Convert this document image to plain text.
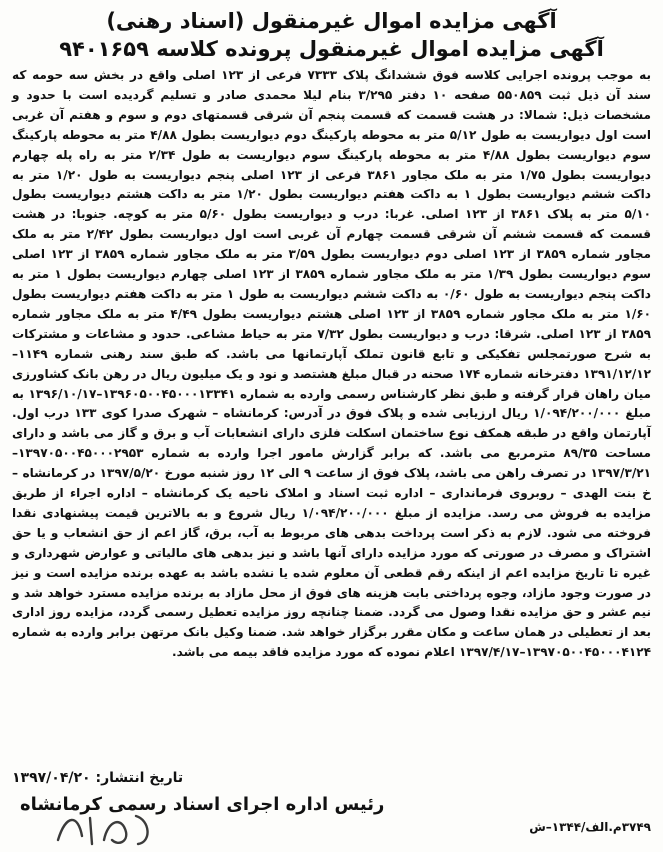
آگهی مزایده اموال غیرمنقول (اسناد رهنی)
آگهی مزایده اموال غیرمنقول پرونده کلاسه ۹۴۰۱۶۵۹
به موجب پرونده اجرایی کلاسه فوق ششدانگ پلاک ۷۳۳۳ فرعی از ۱۲۳ اصلی واقع در بخش سه حومه که سند آن ذیل ثبت ۵۵۰۸۵۹ صفحه ۱۰ دفتر ۳/۲۹۵ بنام لیلا محمدی صادر و تسلیم گردیده است با حدود و مشخصات ذیل: شمالا: در هشت قسمت که قسمت پنجم آن شرقی قسمتهای دوم و سوم و هفتم آن غربی است اول دیواریست به طول ۵/۱۲ متر به محوطه پارکینگ دوم دیواریست بطول ۴/۸۸ متر به محوطه پارکینگ سوم دیواریست بطول ۴/۸۸ متر به محوطه پارکینگ سوم دیواریست به طول ۲/۳۴ متر به راه پله چهارم دیواریست بطول ۱/۷۵ متر به ملک مجاور ۳۸۶۱ فرعی از ۱۲۳ اصلی پنجم دیواریست به طول ۱/۲۰ متر به داکت ششم دیواریست بطول ۱ به داکت هفتم دیواریست بطول ۱/۲۰ متر به داکت هشتم دیواریست بطول ۵/۱۰ متر به پلاک ۳۸۶۱ از ۱۲۳ اصلی. غربا: درب و دیواریست بطول ۵/۶۰ متر به کوچه. جنوبا: در هشت قسمت که قسمت ششم آن شرقی قسمت چهارم آن غربی است اول دیواریست بطول ۲/۴۲ متر به ملک مجاور شماره ۳۸۵۹ از ۱۲۳ اصلی دوم دیواریست بطول ۳/۵۹ متر به ملک مجاور شماره ۳۸۵۹ از ۱۲۳ اصلی سوم دیواریست بطول ۱/۳۹ متر به ملک مجاور شماره ۳۸۵۹ از ۱۲۳ اصلی چهارم دیواریست بطول ۱ متر به داکت پنجم دیواریست به طول ۰/۶۰ به داکت ششم دیواریست به طول ۱ متر به داکت هفتم دیواریست بطول ۱/۶۰ متر به ملک مجاور شماره ۳۸۵۹ از ۱۲۳ اصلی هشتم دیواریست بطول ۴/۴۹ متر به ملک مجاور شماره ۳۸۵۹ از ۱۲۳ اصلی. شرقا: درب و دیواریست بطول ۷/۳۲ متر به حیاط مشاعی. حدود و مشاعات و مشترکات به شرح صورتمجلس تفکیکی و تابع قانون تملک آپارتمانها می باشد. که طبق سند رهنی شماره ۱۱۴۹–۱۳۹۱/۱۲/۱۲ دفترخانه شماره ۱۷۴ صحنه در قبال مبلغ هشتصد و نود و یک میلیون ریال در رهن بانک کشاورزی میان راهان قرار گرفته و طبق نظر کارشناس رسمی وارده به شماره ۱۳۹۶۰۵۰۰۴۵۰۰۰۱۳۳۴۱–۱۳۹۶/۱۰/۱۷ به مبلغ ۱/۰۹۴/۲۰۰/۰۰۰ ریال ارزیابی شده و پلاک فوق در آدرس: کرمانشاه – شهرک صدرا کوی ۱۳۳ درب اول. آپارتمان واقع در طبقه همکف نوع ساختمان اسکلت فلزی دارای انشعابات آب و برق و گاز می باشد و دارای مساحت ۸۹/۳۵ مترمربع می باشد. که برابر گزارش مامور اجرا وارده به شماره ۱۳۹۷۰۵۰۰۴۵۰۰۰۲۹۵۳–۱۳۹۷/۳/۲۱ در تصرف راهن می باشد، پلاک فوق از ساعت ۹ الی ۱۲ روز شنبه مورخ ۱۳۹۷/۵/۲۰ در کرمانشاه – خ بنت الهدی – روبروی فرمانداری – اداره ثبت اسناد و املاک ناحیه یک کرمانشاه – اداره اجراء از طریق مزایده به فروش می رسد. مزایده از مبلغ ۱/۰۹۴/۲۰۰/۰۰۰ ریال شروع و به بالاترین قیمت پیشنهادی نقدا فروخته می شود. لازم به ذکر است پرداخت بدهی های مربوط به آب، برق، گاز اعم از حق انشعاب و یا حق اشتراک و مصرف در صورتی که مورد مزایده دارای آنها باشد و نیز بدهی های مالیاتی و عوارض شهرداری و غیره تا تاریخ مزایده اعم از اینکه رقم قطعی آن معلوم شده یا نشده باشد به عهده برنده مزایده است و نیز در صورت وجود مازاد، وجوه پرداختی بابت هزینه های فوق از محل مازاد به برنده مزایده مسترد خواهد شد و نیم عشر و حق مزایده نقدا وصول می گردد. ضمنا چنانچه روز مزایده تعطیل رسمی گردد، مزایده روز اداری بعد از تعطیلی در همان ساعت و مکان مقرر برگزار خواهد شد. ضمنا وکیل بانک مرتهن برابر وارده به شماره ۱۳۹۷۰۵۰۰۴۵۰۰۰۴۱۲۴–۱۳۹۷/۴/۱۷ اعلام نموده که مورد مزایده فاقد بیمه می باشد.
تاریخ انتشار: ۱۳۹۷/۰۴/۲۰
رئیس اداره اجرای اسناد رسمی کرمانشاه
۳۷۴۹م.الف/۱۳۴۴–ش
